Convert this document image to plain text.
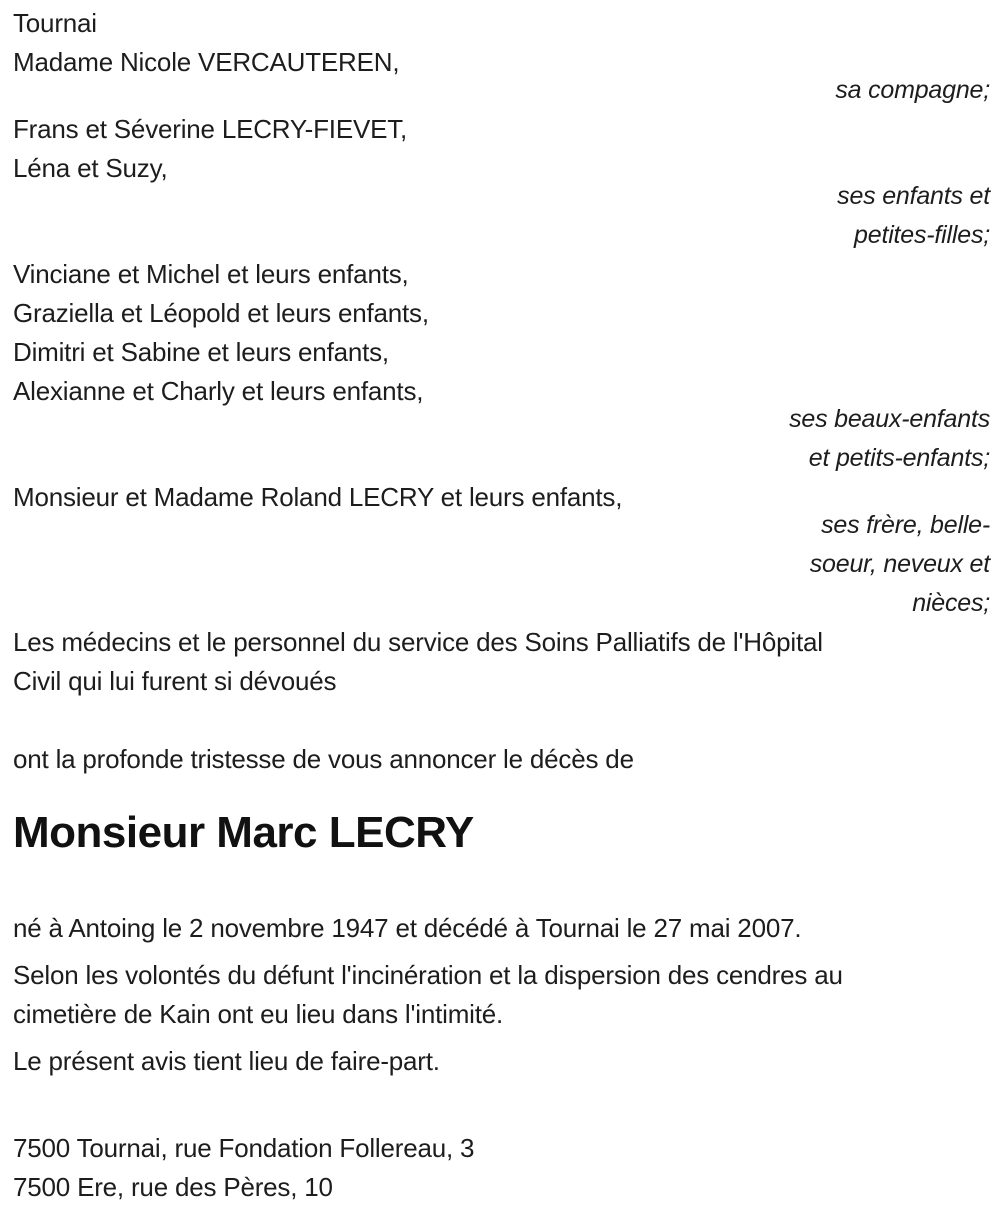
Tournai
Madame Nicole VERCAUTEREN,
sa compagne;
Frans et Séverine LECRY-FIEVET,
Léna et Suzy,
ses enfants et
petites-filles;
Vinciane et Michel et leurs enfants,
Graziella et Léopold et leurs enfants,
Dimitri et Sabine et leurs enfants,
Alexianne et Charly et leurs enfants,
ses beaux-enfants
et petits-enfants;
Monsieur et Madame Roland LECRY et leurs enfants,
ses frère, belle-
soeur, neveux et
nièces;
Les médecins et le personnel du service des Soins Palliatifs de l'Hôpital
Civil qui lui furent si dévoués
ont la profonde tristesse de vous annoncer le décès de
Monsieur Marc LECRY
né à Antoing le 2 novembre 1947 et décédé à Tournai le 27 mai 2007.
Selon les volontés du défunt l'incinération et la dispersion des cendres au
cimetière de Kain ont eu lieu dans l'intimité.
Le présent avis tient lieu de faire-part.
7500 Tournai, rue Fondation Follereau, 3
7500 Ere, rue des Pères, 10
